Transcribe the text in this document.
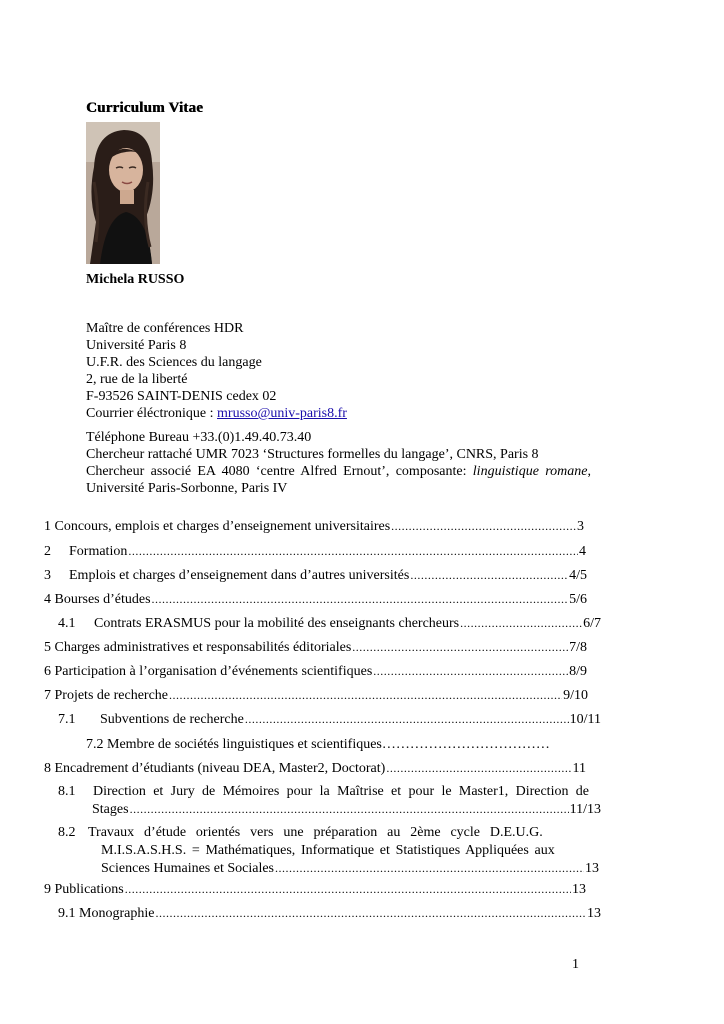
Curriculum Vitae
Michela RUSSO
Maître de conférences HDR
Université Paris 8
U.F.R. des Sciences du langage
2, rue de la liberté
F-93526 SAINT-DENIS cedex 02
Courrier éléctronique : mrusso@univ-paris8.fr
Téléphone Bureau +33.(0)1.49.40.73.40
Chercheur rattaché UMR 7023 ‘Structures formelles du langage’, CNRS, Paris 8
Chercheur associé EA 4080 ‘centre Alfred Ernout’, composante: linguistique romane, Université Paris-Sorbonne, Paris IV
1 Concours, emplois et charges d’enseignement universitaires .....	3
2	Formation .....	4
3	Emplois et charges d’enseignement dans d’autres universités .....	4/5
4 Bourses d’études .....	5/6
4.1	Contrats ERASMUS pour la mobilité des enseignants chercheurs .....	6/7
5 Charges administratives et responsabilités éditoriales .....	7/8
6 Participation à l’organisation d’événements scientifiques .....	8/9
7 Projets de recherche .....	9/10
7.1	Subventions de recherche .....	10/11
7.2 Membre de sociétés linguistiques et scientifiques………………………………
8 Encadrement d’étudiants (niveau DEA, Master2, Doctorat) .....	11
8.1	Direction et Jury de Mémoires pour la Maîtrise et pour le Master1, Direction de
Stages .....	11/13
8.2 Travaux d’étude orientés vers une préparation au 2ème cycle D.E.U.G.
M.I.S.A.S.H.S. = Mathématiques, Informatique et Statistiques Appliquées aux
Sciences Humaines et Sociales .....	13
9 Publications .....	13
9.1 Monographie .....	13
1
